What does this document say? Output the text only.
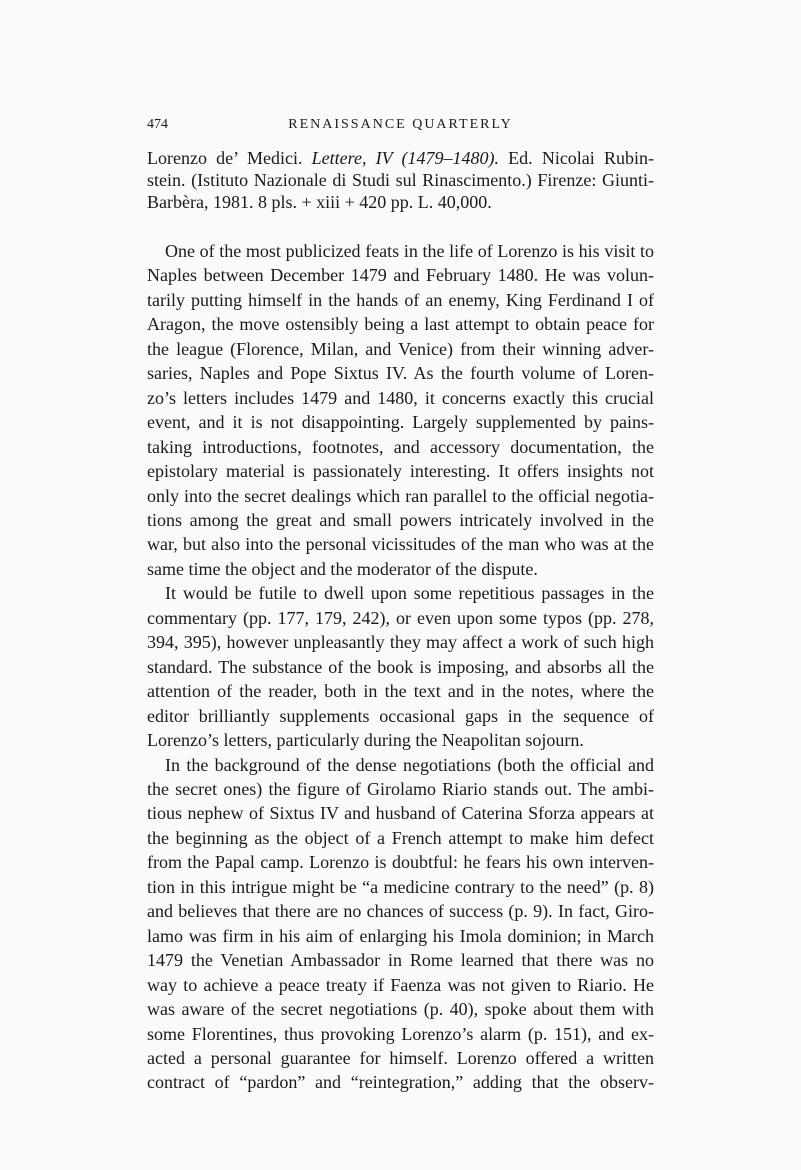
474	RENAISSANCE QUARTERLY
Lorenzo de’ Medici. Lettere, IV (1479–1480). Ed. Nicolai Rubin-
stein. (Istituto Nazionale di Studi sul Rinascimento.) Firenze: Giunti-
Barbèra, 1981. 8 pls. + xiii + 420 pp. L. 40,000.
One of the most publicized feats in the life of Lorenzo is his visit to
Naples between December 1479 and February 1480. He was volun-
tarily putting himself in the hands of an enemy, King Ferdinand I of
Aragon, the move ostensibly being a last attempt to obtain peace for
the league (Florence, Milan, and Venice) from their winning adver-
saries, Naples and Pope Sixtus IV. As the fourth volume of Loren-
zo’s letters includes 1479 and 1480, it concerns exactly this crucial
event, and it is not disappointing. Largely supplemented by pains-
taking introductions, footnotes, and accessory documentation, the
epistolary material is passionately interesting. It offers insights not
only into the secret dealings which ran parallel to the official negotia-
tions among the great and small powers intricately involved in the
war, but also into the personal vicissitudes of the man who was at the
same time the object and the moderator of the dispute.
It would be futile to dwell upon some repetitious passages in the
commentary (pp. 177, 179, 242), or even upon some typos (pp. 278,
394, 395), however unpleasantly they may affect a work of such high
standard. The substance of the book is imposing, and absorbs all the
attention of the reader, both in the text and in the notes, where the
editor brilliantly supplements occasional gaps in the sequence of
Lorenzo’s letters, particularly during the Neapolitan sojourn.
In the background of the dense negotiations (both the official and
the secret ones) the figure of Girolamo Riario stands out. The ambi-
tious nephew of Sixtus IV and husband of Caterina Sforza appears at
the beginning as the object of a French attempt to make him defect
from the Papal camp. Lorenzo is doubtful: he fears his own interven-
tion in this intrigue might be “a medicine contrary to the need” (p. 8)
and believes that there are no chances of success (p. 9). In fact, Giro-
lamo was firm in his aim of enlarging his Imola dominion; in March
1479 the Venetian Ambassador in Rome learned that there was no
way to achieve a peace treaty if Faenza was not given to Riario. He
was aware of the secret negotiations (p. 40), spoke about them with
some Florentines, thus provoking Lorenzo’s alarm (p. 151), and ex-
acted a personal guarantee for himself. Lorenzo offered a written
contract of “pardon” and “reintegration,” adding that the observ-
